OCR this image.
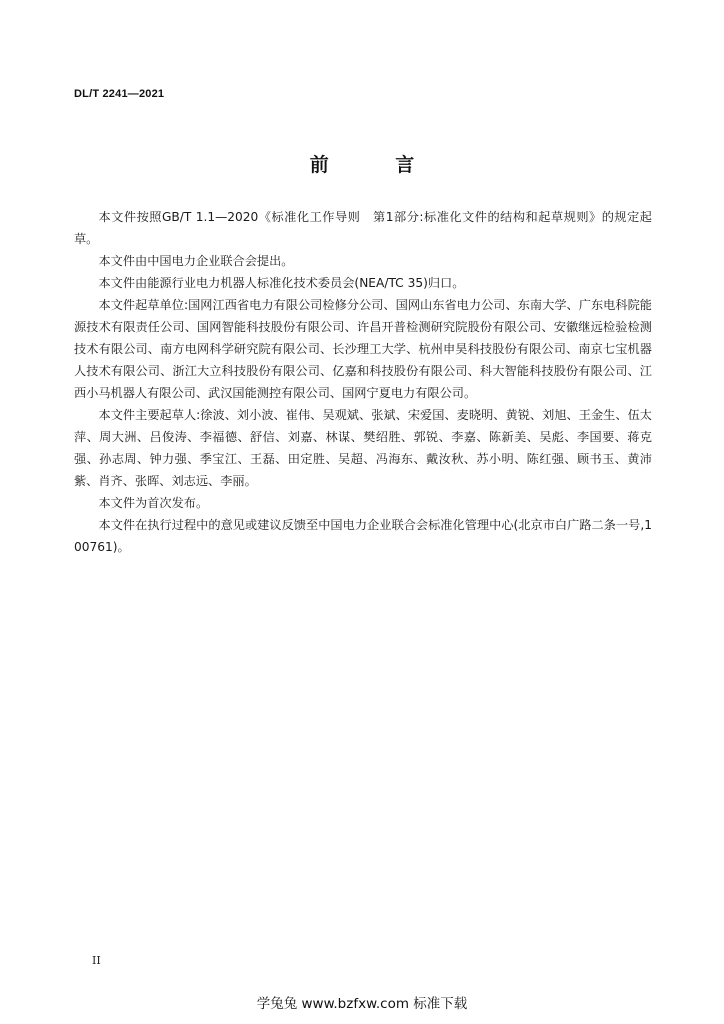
DL/T 2241—2021
前 言

本文件按照GB/T 1.1—2020《标准化工作导则　第1部分:标准化文件的结构和起草规则》的规定起草。

本文件由中国电力企业联合会提出。

本文件由能源行业电力机器人标准化技术委员会(NEA/TC 35)归口。

本文件起草单位:国网江西省电力有限公司检修分公司、国网山东省电力公司、东南大学、广东电科院能源技术有限责任公司、国网智能科技股份有限公司、许昌开普检测研究院股份有限公司、安徽继远检验检测技术有限公司、南方电网科学研究院有限公司、长沙理工大学、杭州申昊科技股份有限公司、南京七宝机器人技术有限公司、浙江大立科技股份有限公司、亿嘉和科技股份有限公司、科大智能科技股份有限公司、江西小马机器人有限公司、武汉国能测控有限公司、国网宁夏电力有限公司。

本文件主要起草人:徐波、刘小波、崔伟、吴观斌、张斌、宋爱国、麦晓明、黄锐、刘旭、王金生、伍太萍、周大洲、吕俊涛、李福德、舒信、刘嘉、林谋、樊绍胜、郭锐、李嘉、陈新美、吴彪、李国要、蒋克强、孙志周、钟力强、季宝江、王磊、田定胜、吴超、冯海东、戴汝秋、苏小明、陈红强、顾书玉、黄沛紫、肖齐、张晖、刘志远、李丽。

本文件为首次发布。

本文件在执行过程中的意见或建议反馈至中国电力企业联合会标准化管理中心(北京市白广路二条一号,100761)。

II
学兔兔 www.bzfxw.com 标准下载
